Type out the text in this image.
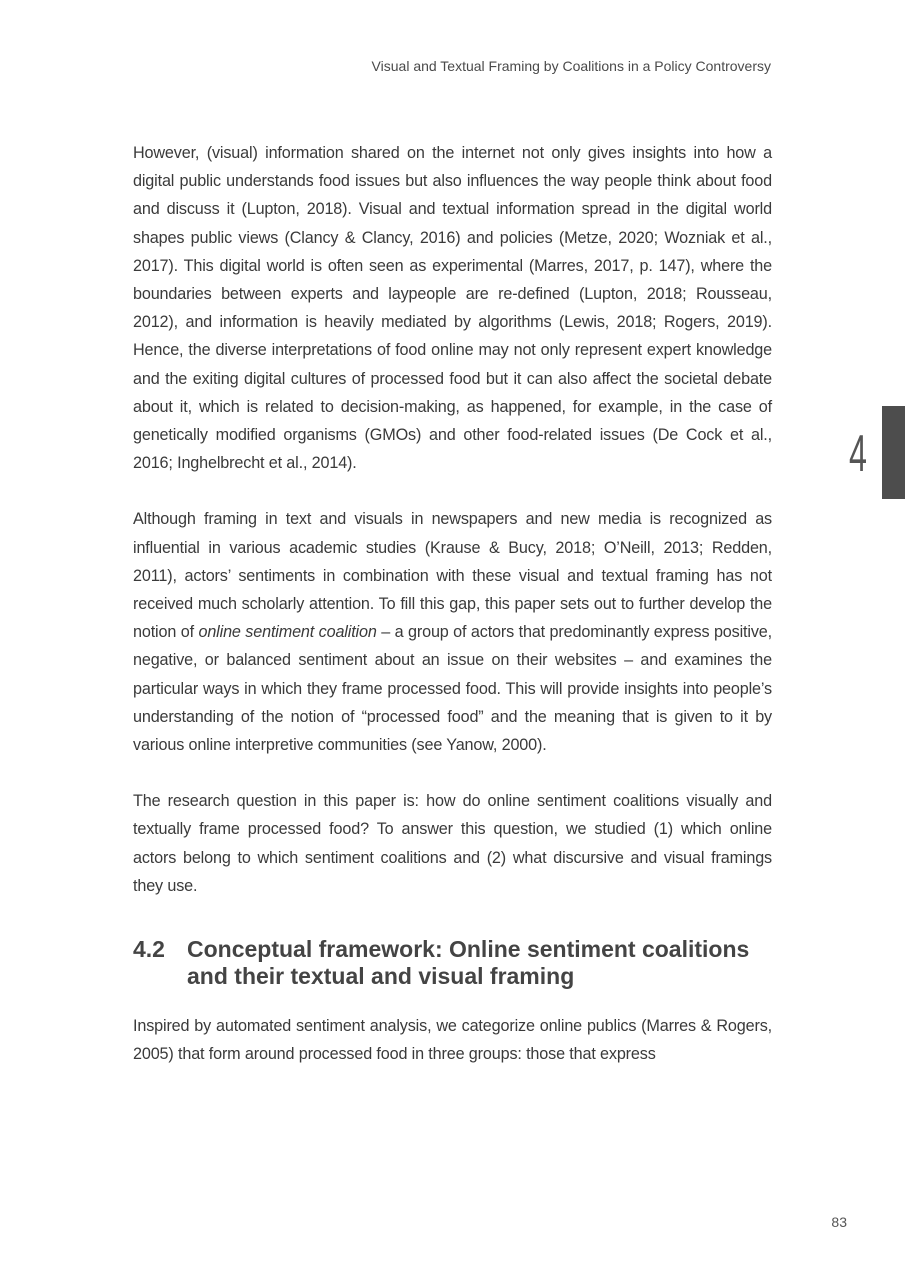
Visual and Textual Framing by Coalitions in a Policy Controversy

However, (visual) information shared on the internet not only gives insights into how a digital public understands food issues but also influences the way people think about food and discuss it (Lupton, 2018). Visual and textual information spread in the digital world shapes public views (Clancy & Clancy, 2016) and policies (Metze, 2020; Wozniak et al., 2017). This digital world is often seen as experimental (Marres, 2017, p. 147), where the boundaries between experts and laypeople are re-defined (Lupton, 2018; Rousseau, 2012), and information is heavily mediated by algorithms (Lewis, 2018; Rogers, 2019). Hence, the diverse interpretations of food online may not only represent expert knowledge and the exiting digital cultures of processed food but it can also affect the societal debate about it, which is related to decision-making, as happened, for example, in the case of genetically modified organisms (GMOs) and other food-related issues (De Cock et al., 2016; Inghelbrecht et al., 2014).

Although framing in text and visuals in newspapers and new media is recognized as influential in various academic studies (Krause & Bucy, 2018; O’Neill, 2013; Redden, 2011), actors’ sentiments in combination with these visual and textual framing has not received much scholarly attention. To fill this gap, this paper sets out to further develop the notion of online sentiment coalition – a group of actors that predominantly express positive, negative, or balanced sentiment about an issue on their websites – and examines the particular ways in which they frame processed food. This will provide insights into people’s understanding of the notion of “processed food” and the meaning that is given to it by various online interpretive communities (see Yanow, 2000).

The research question in this paper is: how do online sentiment coalitions visually and textually frame processed food? To answer this question, we studied (1) which online actors belong to which sentiment coalitions and (2) what discursive and visual framings they use.

4.2 Conceptual framework: Online sentiment coalitions and their textual and visual framing

Inspired by automated sentiment analysis, we categorize online publics (Marres & Rogers, 2005) that form around processed food in three groups: those that express

4
83
